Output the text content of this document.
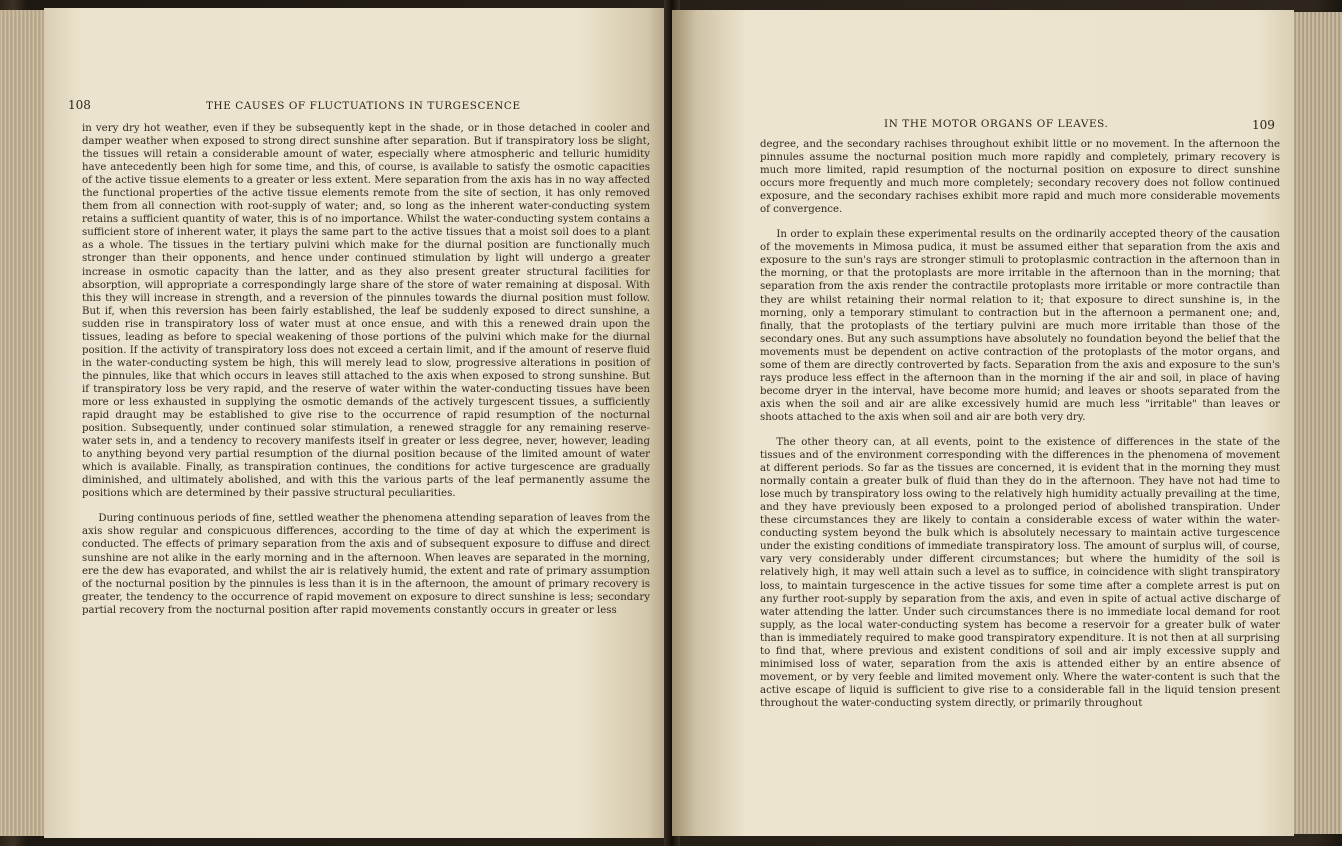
108	THE CAUSES OF FLUCTUATIONS IN TURGESCENCE

in very dry hot weather, even if they be subsequently kept in the shade, or in those detached in cooler and damper weather when exposed to strong direct sunshine after separation. But if transpiratory loss be slight, the tissues will retain a considerable amount of water, especially where atmospheric and telluric humidity have antecedently been high for some time, and this, of course, is available to satisfy the osmotic capacities of the active tissue elements to a greater or less extent. Mere separation from the axis has in no way affected the functional properties of the active tissue elements remote from the site of section, it has only removed them from all connection with root-supply of water; and, so long as the inherent water-conducting system retains a sufficient quantity of water, this is of no importance. Whilst the water-conducting system contains a sufficient store of inherent water, it plays the same part to the active tissues that a moist soil does to a plant as a whole. The tissues in the tertiary pulvini which make for the diurnal position are functionally much stronger than their opponents, and hence under continued stimulation by light will undergo a greater increase in osmotic capacity than the latter, and as they also present greater structural facilities for absorption, will appropriate a correspondingly large share of the store of water remaining at disposal. With this they will increase in strength, and a reversion of the pinnules towards the diurnal position must follow. But if, when this reversion has been fairly established, the leaf be suddenly exposed to direct sunshine, a sudden rise in transpiratory loss of water must at once ensue, and with this a renewed drain upon the tissues, leading as before to special weakening of those portions of the pulvini which make for the diurnal position. If the activity of transpiratory loss does not exceed a certain limit, and if the amount of reserve fluid in the water-conducting system be high, this will merely lead to slow, progressive alterations in position of the pinnules, like that which occurs in leaves still attached to the axis when exposed to strong sunshine. But if transpiratory loss be very rapid, and the reserve of water within the water-conducting tissues have been more or less exhausted in supplying the osmotic demands of the actively turgescent tissues, a sufficiently rapid draught may be established to give rise to the occurrence of rapid resumption of the nocturnal position. Subsequently, under continued solar stimulation, a renewed straggle for any remaining reserve-water sets in, and a tendency to recovery manifests itself in greater or less degree, never, however, leading to anything beyond very partial resumption of the diurnal position because of the limited amount of water which is available. Finally, as transpiration continues, the conditions for active turgescence are gradually diminished, and ultimately abolished, and with this the various parts of the leaf permanently assume the positions which are determined by their passive structural peculiarities.

During continuous periods of fine, settled weather the phenomena attending separation of leaves from the axis show regular and conspicuous differences, according to the time of day at which the experiment is conducted. The effects of primary separation from the axis and of subsequent exposure to diffuse and direct sunshine are not alike in the early morning and in the afternoon. When leaves are separated in the morning, ere the dew has evaporated, and whilst the air is relatively humid, the extent and rate of primary assumption of the nocturnal position by the pinnules is less than it is in the afternoon, the amount of primary recovery is greater, the tendency to the occurrence of rapid movement on exposure to direct sunshine is less; secondary partial recovery from the nocturnal position after rapid movements constantly occurs in greater or less

IN THE MOTOR ORGANS OF LEAVES.	109

degree, and the secondary rachises throughout exhibit little or no movement. In the afternoon the pinnules assume the nocturnal position much more rapidly and completely, primary recovery is much more limited, rapid resumption of the nocturnal position on exposure to direct sunshine occurs more frequently and much more completely; secondary recovery does not follow continued exposure, and the secondary rachises exhibit more rapid and much more considerable movements of convergence.

In order to explain these experimental results on the ordinarily accepted theory of the causation of the movements in Mimosa pudica, it must be assumed either that separation from the axis and exposure to the sun's rays are stronger stimuli to protoplasmic contraction in the afternoon than in the morning, or that the protoplasts are more irritable in the afternoon than in the morning; that separation from the axis render the contractile protoplasts more irritable or more contractile than they are whilst retaining their normal relation to it; that exposure to direct sunshine is, in the morning, only a temporary stimulant to contraction but in the afternoon a permanent one; and, finally, that the protoplasts of the tertiary pulvini are much more irritable than those of the secondary ones. But any such assumptions have absolutely no foundation beyond the belief that the movements must be dependent on active contraction of the protoplasts of the motor organs, and some of them are directly controverted by facts. Separation from the axis and exposure to the sun's rays produce less effect in the afternoon than in the morning if the air and soil, in place of having become dryer in the interval, have become more humid; and leaves or shoots separated from the axis when the soil and air are alike excessively humid are much less "irritable" than leaves or shoots attached to the axis when soil and air are both very dry.

The other theory can, at all events, point to the existence of differences in the state of the tissues and of the environment corresponding with the differences in the phenomena of movement at different periods. So far as the tissues are concerned, it is evident that in the morning they must normally contain a greater bulk of fluid than they do in the afternoon. They have not had time to lose much by transpiratory loss owing to the relatively high humidity actually prevailing at the time, and they have previously been exposed to a prolonged period of abolished transpiration. Under these circumstances they are likely to contain a considerable excess of water within the water-conducting system beyond the bulk which is absolutely necessary to maintain active turgescence under the existing conditions of immediate transpiratory loss. The amount of surplus will, of course, vary very considerably under different circumstances; but where the humidity of the soil is relatively high, it may well attain such a level as to suffice, in coincidence with slight transpiratory loss, to maintain turgescence in the active tissues for some time after a complete arrest is put on any further root-supply by separation from the axis, and even in spite of actual active discharge of water attending the latter. Under such circumstances there is no immediate local demand for root supply, as the local water-conducting system has become a reservoir for a greater bulk of water than is immediately required to make good transpiratory expenditure. It is not then at all surprising to find that, where previous and existent conditions of soil and air imply excessive supply and minimised loss of water, separation from the axis is attended either by an entire absence of movement, or by very feeble and limited movement only. Where the water-content is such that the active escape of liquid is sufficient to give rise to a considerable fall in the liquid tension present throughout the water-conducting system directly, or primarily throughout
